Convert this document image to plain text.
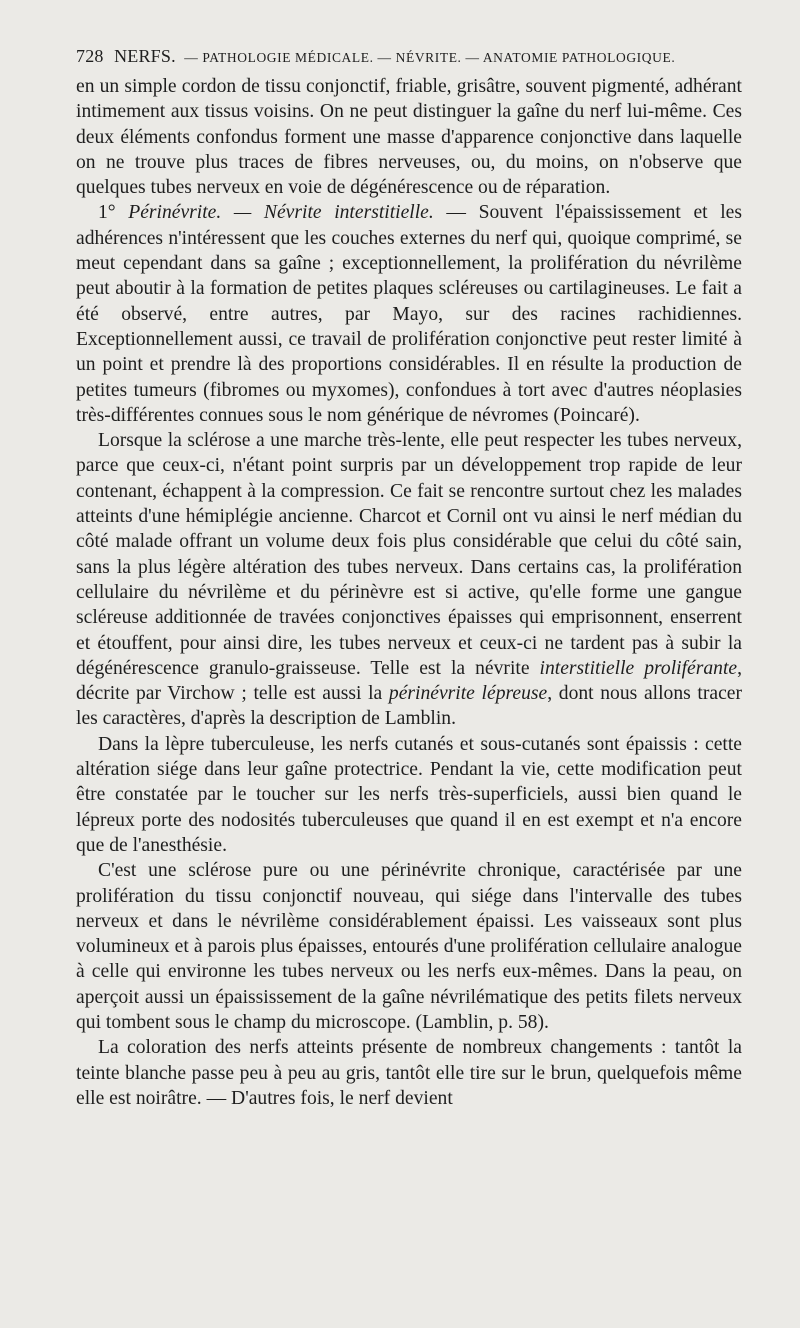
728 NERFS. — PATHOLOGIE MÉDICALE. — NÉVRITE. — ANATOMIE PATHOLOGIQUE.

en un simple cordon de tissu conjonctif, friable, grisâtre, souvent pigmenté, adhérant intimement aux tissus voisins. On ne peut distinguer la gaîne du nerf lui-même. Ces deux éléments confondus forment une masse d'apparence conjonctive dans laquelle on ne trouve plus traces de fibres nerveuses, ou, du moins, on n'observe que quelques tubes nerveux en voie de dégénérescence ou de réparation.

1° Périnévrite. — Névrite interstitielle. — Souvent l'épaississement et les adhérences n'intéressent que les couches externes du nerf qui, quoique comprimé, se meut cependant dans sa gaîne ; exceptionnellement, la prolifération du névrilème peut aboutir à la formation de petites plaques scléreuses ou cartilagineuses. Le fait a été observé, entre autres, par Mayo, sur des racines rachidiennes. Exceptionnellement aussi, ce travail de prolifération conjonctive peut rester limité à un point et prendre là des proportions considérables. Il en résulte la production de petites tumeurs (fibromes ou myxomes), confondues à tort avec d'autres néoplasies très-différentes connues sous le nom générique de névromes (Poincaré).

Lorsque la sclérose a une marche très-lente, elle peut respecter les tubes nerveux, parce que ceux-ci, n'étant point surpris par un développement trop rapide de leur contenant, échappent à la compression. Ce fait se rencontre surtout chez les malades atteints d'une hémiplégie ancienne. Charcot et Cornil ont vu ainsi le nerf médian du côté malade offrant un volume deux fois plus considérable que celui du côté sain, sans la plus légère altération des tubes nerveux. Dans certains cas, la prolifération cellulaire du névrilème et du périnèvre est si active, qu'elle forme une gangue scléreuse additionnée de travées conjonctives épaisses qui emprisonnent, enserrent et étouffent, pour ainsi dire, les tubes nerveux et ceux-ci ne tardent pas à subir la dégénérescence granulo-graisseuse. Telle est la névrite interstitielle proliférante, décrite par Virchow ; telle est aussi la périnévrite lépreuse, dont nous allons tracer les caractères, d'après la description de Lamblin.

Dans la lèpre tuberculeuse, les nerfs cutanés et sous-cutanés sont épaissis : cette altération siége dans leur gaîne protectrice. Pendant la vie, cette modification peut être constatée par le toucher sur les nerfs très-superficiels, aussi bien quand le lépreux porte des nodosités tuberculeuses que quand il en est exempt et n'a encore que de l'anesthésie.

C'est une sclérose pure ou une périnévrite chronique, caractérisée par une prolifération du tissu conjonctif nouveau, qui siége dans l'intervalle des tubes nerveux et dans le névrilème considérablement épaissi. Les vaisseaux sont plus volumineux et à parois plus épaisses, entourés d'une prolifération cellulaire analogue à celle qui environne les tubes nerveux ou les nerfs eux-mêmes. Dans la peau, on aperçoit aussi un épaississement de la gaîne névrilématique des petits filets nerveux qui tombent sous le champ du microscope. (Lamblin, p. 58).

La coloration des nerfs atteints présente de nombreux changements : tantôt la teinte blanche passe peu à peu au gris, tantôt elle tire sur le brun, quelquefois même elle est noirâtre. — D'autres fois, le nerf devient
